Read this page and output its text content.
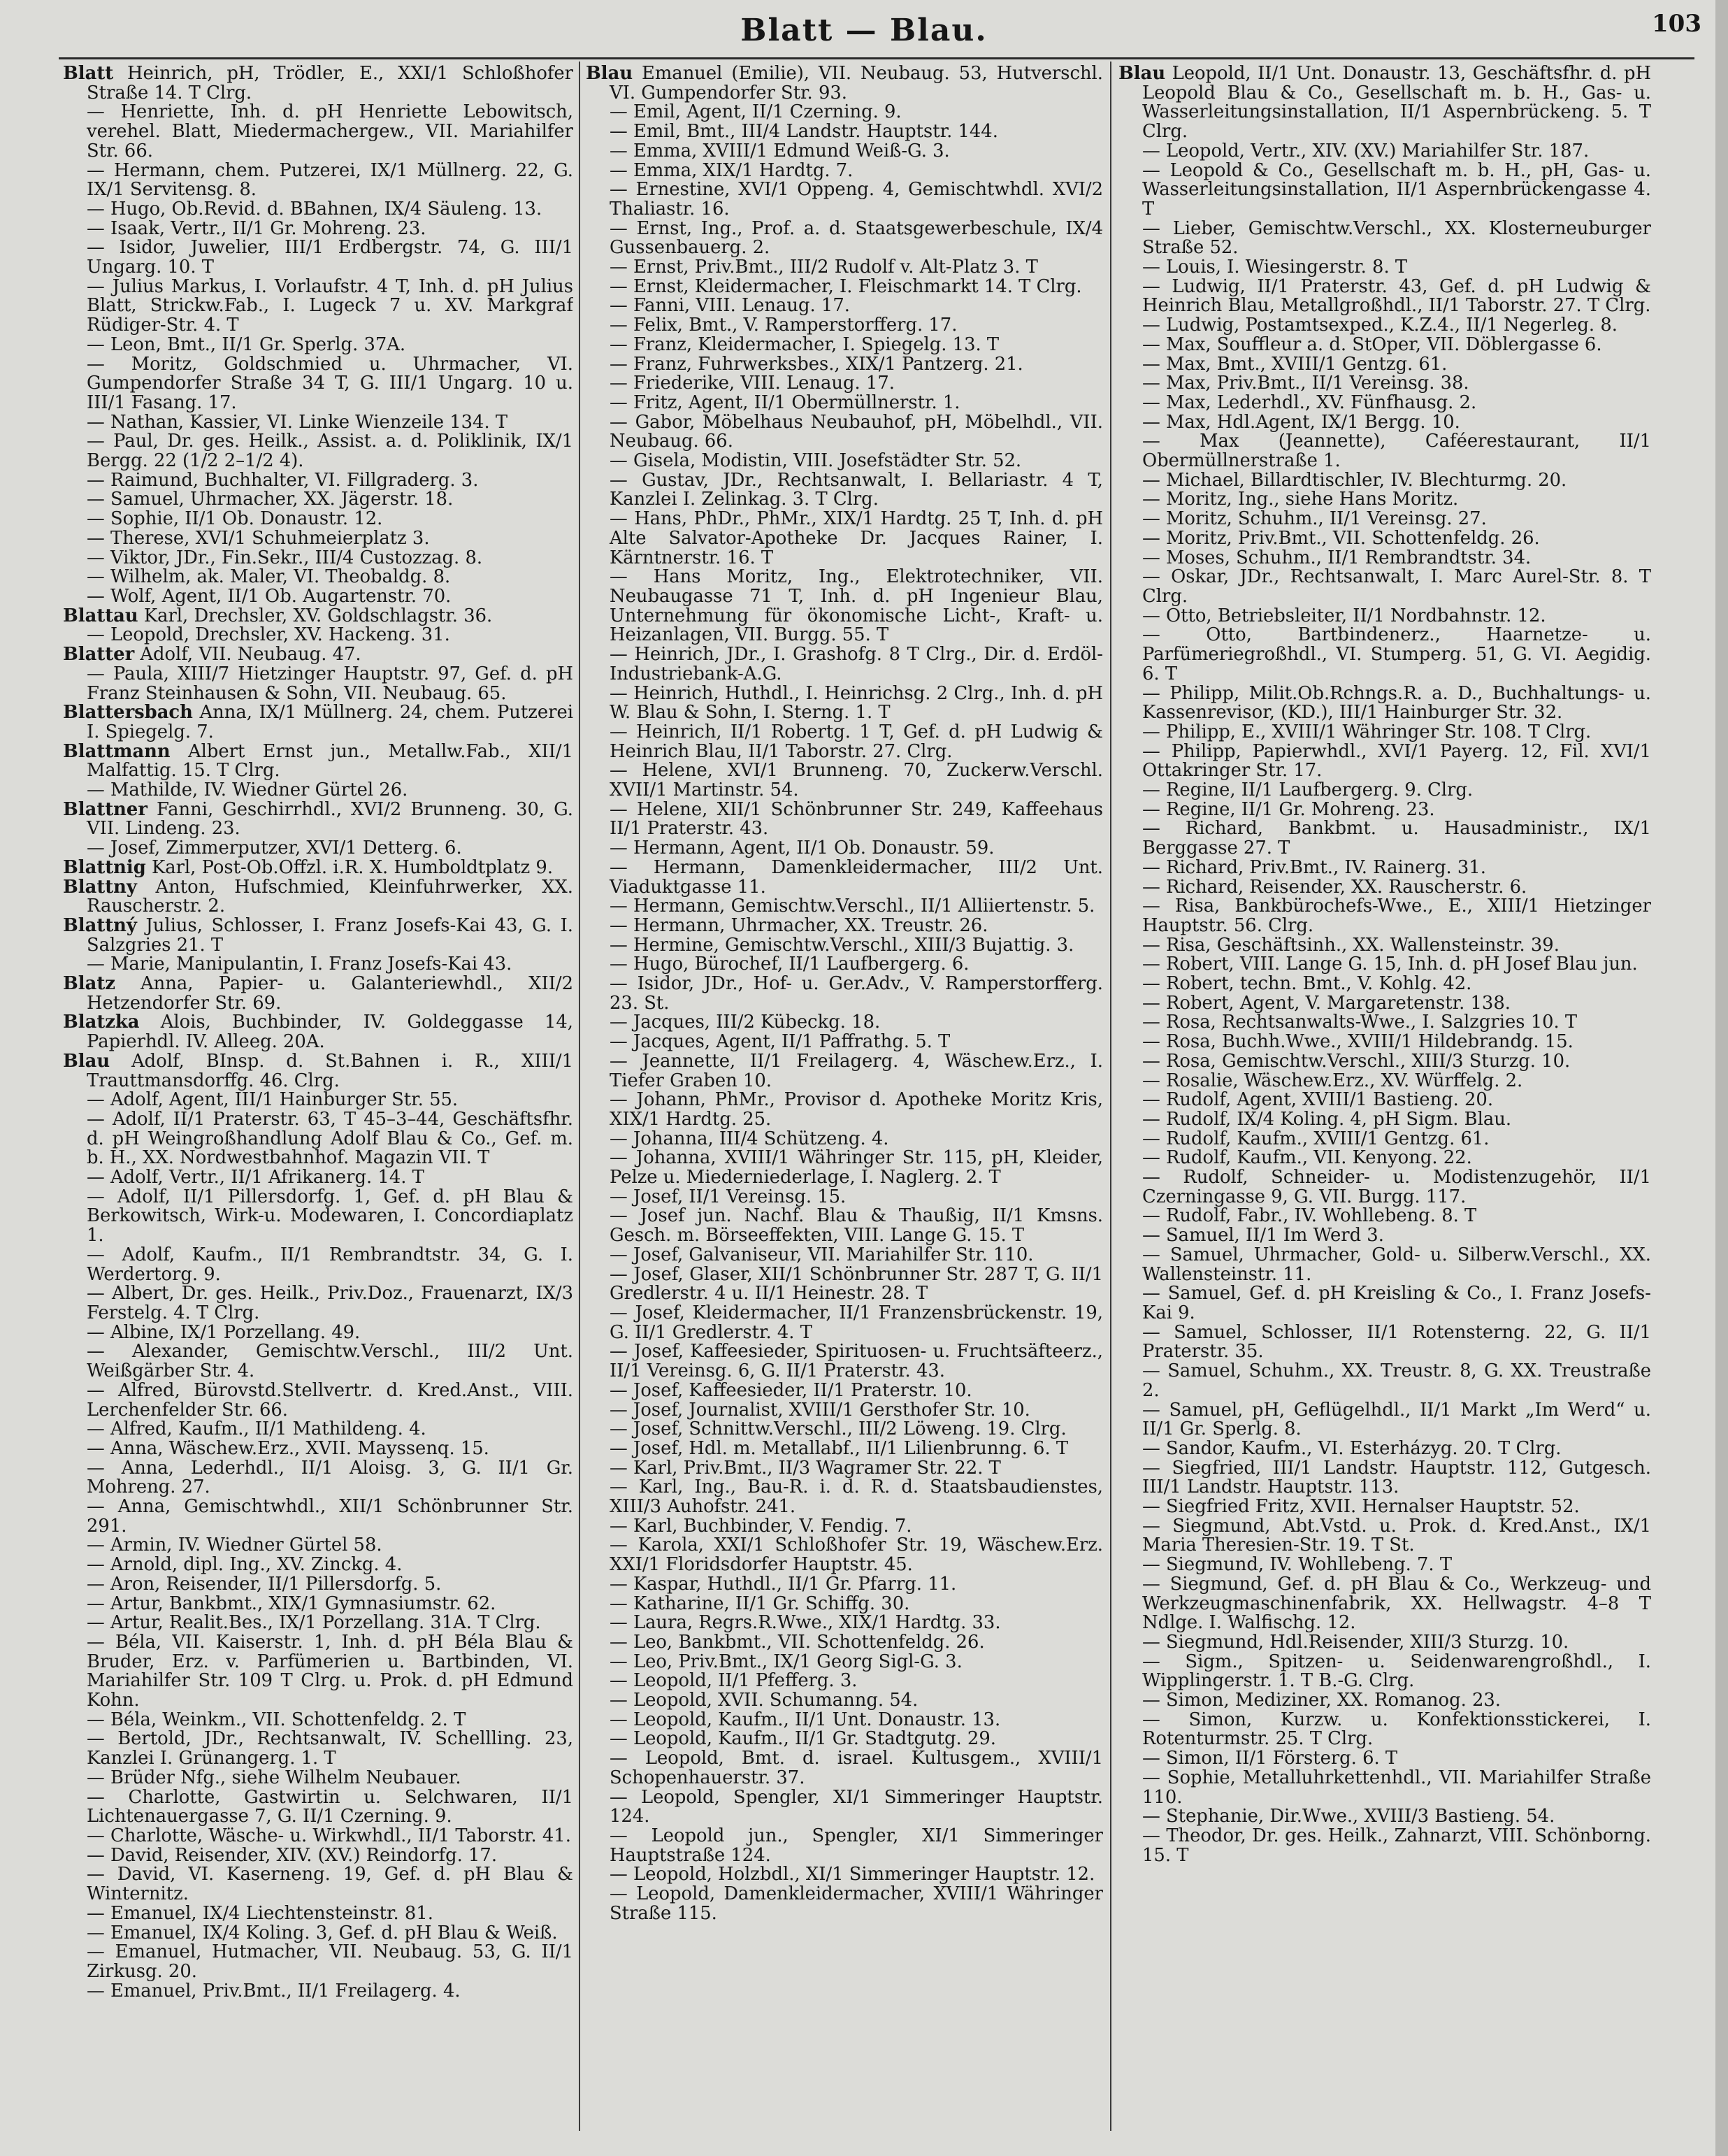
Blatt — Blau.	103

Blatt Heinrich, pH, Trödler, E., XXI/1 Schloßhofer Straße 14. T Clrg.

— Henriette, Inh. d. pH Henriette Lebowitsch, verehel. Blatt, Miedermachergew., VII. Mariahilfer Str. 66.

— Hermann, chem. Putzerei, IX/1 Müllnerg. 22, G. IX/1 Servitensg. 8.

— Hugo, Ob.Revid. d. BBahnen, IX/4 Säuleng. 13.

— Isaak, Vertr., II/1 Gr. Mohreng. 23.

— Isidor, Juwelier, III/1 Erdbergstr. 74, G. III/1 Ungarg. 10. T

— Julius Markus, I. Vorlaufstr. 4 T, Inh. d. pH Julius Blatt, Strickw.Fab., I. Lugeck 7 u. XV. Markgraf Rüdiger-Str. 4. T

— Leon, Bmt., II/1 Gr. Sperlg. 37A.

— Moritz, Goldschmied u. Uhrmacher, VI. Gumpendorfer Straße 34 T, G. III/1 Ungarg. 10 u. III/1 Fasang. 17.

— Nathan, Kassier, VI. Linke Wienzeile 134. T

— Paul, Dr. ges. Heilk., Assist. a. d. Poliklinik, IX/1 Bergg. 22 (1/2 2–1/2 4).

— Raimund, Buchhalter, VI. Fillgraderg. 3.

— Samuel, Uhrmacher, XX. Jägerstr. 18.

— Sophie, II/1 Ob. Donaustr. 12.

— Therese, XVI/1 Schuhmeierplatz 3.

— Viktor, JDr., Fin.Sekr., III/4 Custozzag. 8.

— Wilhelm, ak. Maler, VI. Theobaldg. 8.

— Wolf, Agent, II/1 Ob. Augartenstr. 70.

Blattau Karl, Drechsler, XV. Goldschlagstr. 36.

— Leopold, Drechsler, XV. Hackeng. 31.

Blatter Adolf, VII. Neubaug. 47.

— Paula, XIII/7 Hietzinger Hauptstr. 97, Gef. d. pH Franz Steinhausen & Sohn, VII. Neubaug. 65.

Blattersbach Anna, IX/1 Müllnerg. 24, chem. Putzerei I. Spiegelg. 7.

Blattmann Albert Ernst jun., Metallw.Fab., XII/1 Malfattig. 15. T Clrg.

— Mathilde, IV. Wiedner Gürtel 26.

Blattner Fanni, Geschirrhdl., XVI/2 Brunneng. 30, G. VII. Lindeng. 23.

— Josef, Zimmerputzer, XVI/1 Detterg. 6.

Blattnig Karl, Post-Ob.Offzl. i.R. X. Humboldtplatz 9.

Blattny Anton, Hufschmied, Kleinfuhrwerker, XX. Rauscherstr. 2.

Blattný Julius, Schlosser, I. Franz Josefs-Kai 43, G. I. Salzgries 21. T

— Marie, Manipulantin, I. Franz Josefs-Kai 43.

Blatz Anna, Papier- u. Galanteriewhdl., XII/2 Hetzendorfer Str. 69.

Blatzka Alois, Buchbinder, IV. Goldeggasse 14, Papierhdl. IV. Alleeg. 20A.

Blau Adolf, BInsp. d. St.Bahnen i. R., XIII/1 Trauttmansdorffg. 46. Clrg.

— Adolf, Agent, III/1 Hainburger Str. 55.

— Adolf, II/1 Praterstr. 63, T 45–3–44, Geschäftsfhr. d. pH Weingroßhandlung Adolf Blau & Co., Gef. m. b. H., XX. Nordwestbahnhof. Magazin VII. T

— Adolf, Vertr., II/1 Afrikanerg. 14. T

— Adolf, II/1 Pillersdorfg. 1, Gef. d. pH Blau & Berkowitsch, Wirk-u. Modewaren, I. Concordiaplatz 1.

— Adolf, Kaufm., II/1 Rembrandtstr. 34, G. I. Werdertorg. 9.

— Albert, Dr. ges. Heilk., Priv.Doz., Frauenarzt, IX/3 Ferstelg. 4. T Clrg.

— Albine, IX/1 Porzellang. 49.

— Alexander, Gemischtw.Verschl., III/2 Unt. Weißgärber Str. 4.

— Alfred, Bürovstd.Stellvertr. d. Kred.Anst., VIII. Lerchenfelder Str. 66.

— Alfred, Kaufm., II/1 Mathildeng. 4.

— Anna, Wäschew.Erz., XVII. Mayssenq. 15.

— Anna, Lederhdl., II/1 Aloisg. 3, G. II/1 Gr. Mohreng. 27.

— Anna, Gemischtwhdl., XII/1 Schönbrunner Str. 291.

— Armin, IV. Wiedner Gürtel 58.

— Arnold, dipl. Ing., XV. Zinckg. 4.

— Aron, Reisender, II/1 Pillersdorfg. 5.

— Artur, Bankbmt., XIX/1 Gymnasiumstr. 62.

— Artur, Realit.Bes., IX/1 Porzellang. 31A. T Clrg.

— Béla, VII. Kaiserstr. 1, Inh. d. pH Béla Blau & Bruder, Erz. v. Parfümerien u. Bartbinden, VI. Mariahilfer Str. 109 T Clrg. u. Prok. d. pH Edmund Kohn.

— Béla, Weinkm., VII. Schottenfeldg. 2. T

— Bertold, JDr., Rechtsanwalt, IV. Schellling. 23, Kanzlei I. Grünangerg. 1. T

— Brüder Nfg., siehe Wilhelm Neubauer.

— Charlotte, Gastwirtin u. Selchwaren, II/1 Lichtenauergasse 7, G. II/1 Czerning. 9.

— Charlotte, Wäsche- u. Wirkwhdl., II/1 Taborstr. 41.

— David, Reisender, XIV. (XV.) Reindorfg. 17.

— David, VI. Kaserneng. 19, Gef. d. pH Blau & Winternitz.

— Emanuel, IX/4 Liechtensteinstr. 81.

— Emanuel, IX/4 Koling. 3, Gef. d. pH Blau & Weiß.

— Emanuel, Hutmacher, VII. Neubaug. 53, G. II/1 Zirkusg. 20.

— Emanuel, Priv.Bmt., II/1 Freilagerg. 4.

Blau Emanuel (Emilie), VII. Neubaug. 53, Hutverschl. VI. Gumpendorfer Str. 93.

— Emil, Agent, II/1 Czerning. 9.

— Emil, Bmt., III/4 Landstr. Hauptstr. 144.

— Emma, XVIII/1 Edmund Weiß-G. 3.

— Emma, XIX/1 Hardtg. 7.

— Ernestine, XVI/1 Oppeng. 4, Gemischtwhdl. XVI/2 Thaliastr. 16.

— Ernst, Ing., Prof. a. d. Staatsgewerbeschule, IX/4 Gussenbauerg. 2.

— Ernst, Priv.Bmt., III/2 Rudolf v. Alt-Platz 3. T

— Ernst, Kleidermacher, I. Fleischmarkt 14. T Clrg.

— Fanni, VIII. Lenaug. 17.

— Felix, Bmt., V. Ramperstorfferg. 17.

— Franz, Kleidermacher, I. Spiegelg. 13. T

— Franz, Fuhrwerksbes., XIX/1 Pantzerg. 21.

— Friederike, VIII. Lenaug. 17.

— Fritz, Agent, II/1 Obermüllnerstr. 1.

— Gabor, Möbelhaus Neubauhof, pH, Möbelhdl., VII. Neubaug. 66.

— Gisela, Modistin, VIII. Josefstädter Str. 52.

— Gustav, JDr., Rechtsanwalt, I. Bellariastr. 4 T, Kanzlei I. Zelinkag. 3. T Clrg.

— Hans, PhDr., PhMr., XIX/1 Hardtg. 25 T, Inh. d. pH Alte Salvator-Apotheke Dr. Jacques Rainer, I. Kärntnerstr. 16. T

— Hans Moritz, Ing., Elektrotechniker, VII. Neubaugasse 71 T, Inh. d. pH Ingenieur Blau, Unternehmung für ökonomische Licht-, Kraft- u. Heizanlagen, VII. Burgg. 55. T

— Heinrich, JDr., I. Grashofg. 8 T Clrg., Dir. d. Erdöl-Industriebank-A.G.

— Heinrich, Huthdl., I. Heinrichsg. 2 Clrg., Inh. d. pH W. Blau & Sohn, I. Sterng. 1. T

— Heinrich, II/1 Robertg. 1 T, Gef. d. pH Ludwig & Heinrich Blau, II/1 Taborstr. 27. Clrg.

— Helene, XVI/1 Brunneng. 70, Zuckerw.Verschl. XVII/1 Martinstr. 54.

— Helene, XII/1 Schönbrunner Str. 249, Kaffeehaus II/1 Praterstr. 43.

— Hermann, Agent, II/1 Ob. Donaustr. 59.

— Hermann, Damenkleidermacher, III/2 Unt. Viaduktgasse 11.

— Hermann, Gemischtw.Verschl., II/1 Alliiertenstr. 5.

— Hermann, Uhrmacher, XX. Treustr. 26.

— Hermine, Gemischtw.Verschl., XIII/3 Bujattig. 3.

— Hugo, Bürochef, II/1 Laufbergerg. 6.

— Isidor, JDr., Hof- u. Ger.Adv., V. Ramperstorfferg. 23. St.

— Jacques, III/2 Kübeckg. 18.

— Jacques, Agent, II/1 Paffrathg. 5. T

— Jeannette, II/1 Freilagerg. 4, Wäschew.Erz., I. Tiefer Graben 10.

— Johann, PhMr., Provisor d. Apotheke Moritz Kris, XIX/1 Hardtg. 25.

— Johanna, III/4 Schützeng. 4.

— Johanna, XVIII/1 Währinger Str. 115, pH, Kleider, Pelze u. Miederniederlage, I. Naglerg. 2. T

— Josef, II/1 Vereinsg. 15.

— Josef jun. Nachf. Blau & Thaußig, II/1 Kmsns. Gesch. m. Börseeffekten, VIII. Lange G. 15. T

— Josef, Galvaniseur, VII. Mariahilfer Str. 110.

— Josef, Glaser, XII/1 Schönbrunner Str. 287 T, G. II/1 Gredlerstr. 4 u. II/1 Heinestr. 28. T

— Josef, Kleidermacher, II/1 Franzensbrückenstr. 19, G. II/1 Gredlerstr. 4. T

— Josef, Kaffeesieder, Spirituosen- u. Fruchtsäfteerz., II/1 Vereinsg. 6, G. II/1 Praterstr. 43.

— Josef, Kaffeesieder, II/1 Praterstr. 10.

— Josef, Journalist, XVIII/1 Gersthofer Str. 10.

— Josef, Schnittw.Verschl., III/2 Löweng. 19. Clrg.

— Josef, Hdl. m. Metallabf., II/1 Lilienbrunng. 6. T

— Karl, Priv.Bmt., II/3 Wagramer Str. 22. T

— Karl, Ing., Bau-R. i. d. R. d. Staatsbaudienstes, XIII/3 Auhofstr. 241.

— Karl, Buchbinder, V. Fendig. 7.

— Karola, XXI/1 Schloßhofer Str. 19, Wäschew.Erz. XXI/1 Floridsdorfer Hauptstr. 45.

— Kaspar, Huthdl., II/1 Gr. Pfarrg. 11.

— Katharine, II/1 Gr. Schiffg. 30.

— Laura, Regrs.R.Wwe., XIX/1 Hardtg. 33.

— Leo, Bankbmt., VII. Schottenfeldg. 26.

— Leo, Priv.Bmt., IX/1 Georg Sigl-G. 3.

— Leopold, II/1 Pfefferg. 3.

— Leopold, XVII. Schumanng. 54.

— Leopold, Kaufm., II/1 Unt. Donaustr. 13.

— Leopold, Kaufm., II/1 Gr. Stadtgutg. 29.

— Leopold, Bmt. d. israel. Kultusgem., XVIII/1 Schopenhauerstr. 37.

— Leopold, Spengler, XI/1 Simmeringer Hauptstr. 124.

— Leopold jun., Spengler, XI/1 Simmeringer Hauptstraße 124.

— Leopold, Holzbdl., XI/1 Simmeringer Hauptstr. 12.

— Leopold, Damenkleidermacher, XVIII/1 Währinger Straße 115.

Blau Leopold, II/1 Unt. Donaustr. 13, Geschäftsfhr. d. pH Leopold Blau & Co., Gesellschaft m. b. H., Gas- u. Wasserleitungsinstallation, II/1 Aspernbrückeng. 5. T Clrg.

— Leopold, Vertr., XIV. (XV.) Mariahilfer Str. 187.

— Leopold & Co., Gesellschaft m. b. H., pH, Gas- u. Wasserleitungsinstallation, II/1 Aspernbrückengasse 4. T

— Lieber, Gemischtw.Verschl., XX. Klosterneuburger Straße 52.

— Louis, I. Wiesingerstr. 8. T

— Ludwig, II/1 Praterstr. 43, Gef. d. pH Ludwig & Heinrich Blau, Metallgroßhdl., II/1 Taborstr. 27. T Clrg.

— Ludwig, Postamtsexped., K.Z.4., II/1 Negerleg. 8.

— Max, Souffleur a. d. StOper, VII. Döblergasse 6.

— Max, Bmt., XVIII/1 Gentzg. 61.

— Max, Priv.Bmt., II/1 Vereinsg. 38.

— Max, Lederhdl., XV. Fünfhausg. 2.

— Max, Hdl.Agent, IX/1 Bergg. 10.

— Max (Jeannette), Caféerestaurant, II/1 Obermüllnerstraße 1.

— Michael, Billardtischler, IV. Blechturmg. 20.

— Moritz, Ing., siehe Hans Moritz.

— Moritz, Schuhm., II/1 Vereinsg. 27.

— Moritz, Priv.Bmt., VII. Schottenfeldg. 26.

— Moses, Schuhm., II/1 Rembrandtstr. 34.

— Oskar, JDr., Rechtsanwalt, I. Marc Aurel-Str. 8. T Clrg.

— Otto, Betriebsleiter, II/1 Nordbahnstr. 12.

— Otto, Bartbindenerz., Haarnetze- u. Parfümeriegroßhdl., VI. Stumperg. 51, G. VI. Aegidig. 6. T

— Philipp, Milit.Ob.Rchngs.R. a. D., Buchhaltungs- u. Kassenrevisor, (KD.), III/1 Hainburger Str. 32.

— Philipp, E., XVIII/1 Währinger Str. 108. T Clrg.

— Philipp, Papierwhdl., XVI/1 Payerg. 12, Fil. XVI/1 Ottakringer Str. 17.

— Regine, II/1 Laufbergerg. 9. Clrg.

— Regine, II/1 Gr. Mohreng. 23.

— Richard, Bankbmt. u. Hausadministr., IX/1 Berggasse 27. T

— Richard, Priv.Bmt., IV. Rainerg. 31.

— Richard, Reisender, XX. Rauscherstr. 6.

— Risa, Bankbürochefs-Wwe., E., XIII/1 Hietzinger Hauptstr. 56. Clrg.

— Risa, Geschäftsinh., XX. Wallensteinstr. 39.

— Robert, VIII. Lange G. 15, Inh. d. pH Josef Blau jun.

— Robert, techn. Bmt., V. Kohlg. 42.

— Robert, Agent, V. Margaretenstr. 138.

— Rosa, Rechtsanwalts-Wwe., I. Salzgries 10. T

— Rosa, Buchh.Wwe., XVIII/1 Hildebrandg. 15.

— Rosa, Gemischtw.Verschl., XIII/3 Sturzg. 10.

— Rosalie, Wäschew.Erz., XV. Würffelg. 2.

— Rudolf, Agent, XVIII/1 Bastieng. 20.

— Rudolf, IX/4 Koling. 4, pH Sigm. Blau.

— Rudolf, Kaufm., XVIII/1 Gentzg. 61.

— Rudolf, Kaufm., VII. Kenyong. 22.

— Rudolf, Schneider- u. Modistenzugehör, II/1 Czerningasse 9, G. VII. Burgg. 117.

— Rudolf, Fabr., IV. Wohllebeng. 8. T

— Samuel, II/1 Im Werd 3.

— Samuel, Uhrmacher, Gold- u. Silberw.Verschl., XX. Wallensteinstr. 11.

— Samuel, Gef. d. pH Kreisling & Co., I. Franz Josefs-Kai 9.

— Samuel, Schlosser, II/1 Rotensterng. 22, G. II/1 Praterstr. 35.

— Samuel, Schuhm., XX. Treustr. 8, G. XX. Treustraße 2.

— Samuel, pH, Geflügelhdl., II/1 Markt „Im Werd“ u. II/1 Gr. Sperlg. 8.

— Sandor, Kaufm., VI. Esterházyg. 20. T Clrg.

— Siegfried, III/1 Landstr. Hauptstr. 112, Gutgesch. III/1 Landstr. Hauptstr. 113.

— Siegfried Fritz, XVII. Hernalser Hauptstr. 52.

— Siegmund, Abt.Vstd. u. Prok. d. Kred.Anst., IX/1 Maria Theresien-Str. 19. T St.

— Siegmund, IV. Wohllebeng. 7. T

— Siegmund, Gef. d. pH Blau & Co., Werkzeug- und Werkzeugmaschinenfabrik, XX. Hellwagstr. 4–8 T Ndlge. I. Walfischg. 12.

— Siegmund, Hdl.Reisender, XIII/3 Sturzg. 10.

— Sigm., Spitzen- u. Seidenwarengroßhdl., I. Wipplingerstr. 1. T B.-G. Clrg.

— Simon, Mediziner, XX. Romanog. 23.

— Simon, Kurzw. u. Konfektionsstickerei, I. Rotenturmstr. 25. T Clrg.

— Simon, II/1 Försterg. 6. T

— Sophie, Metalluhrkettenhdl., VII. Mariahilfer Straße 110.

— Stephanie, Dir.Wwe., XVIII/3 Bastieng. 54.

— Theodor, Dr. ges. Heilk., Zahnarzt, VIII. Schönborng. 15. T
